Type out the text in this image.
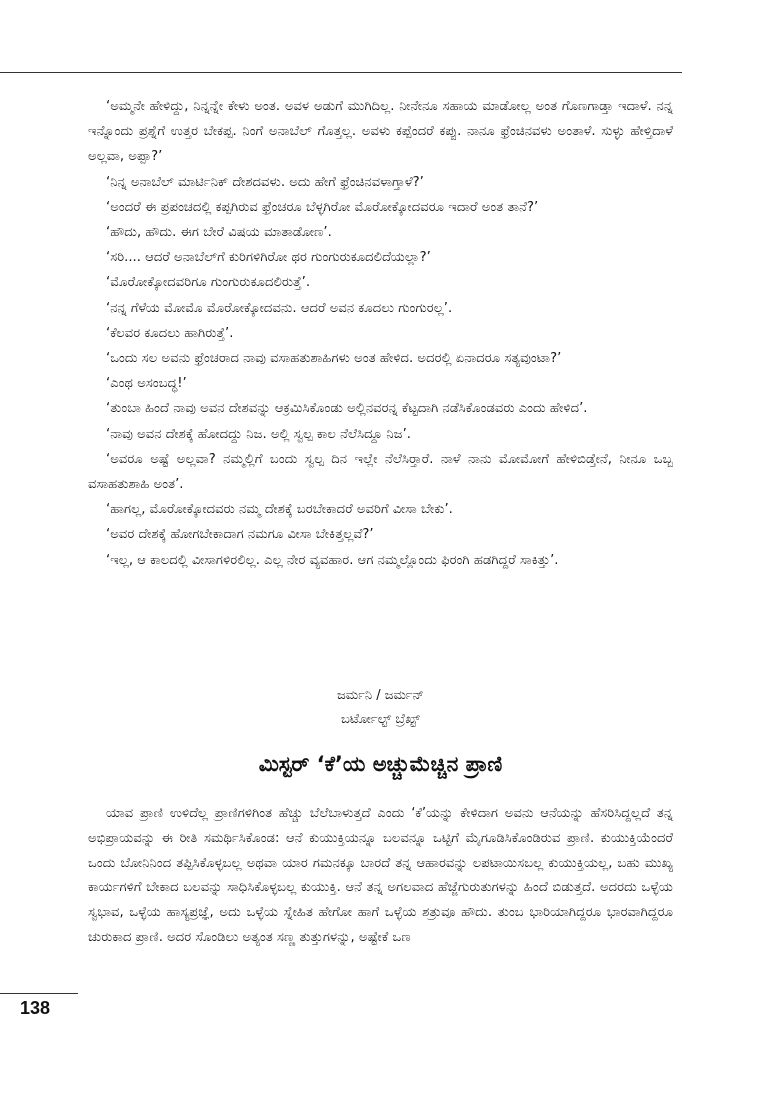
‘ಅಮ್ಮನೇ ಹೇಳಿದ್ದು, ನಿನ್ನನ್ನೇ ಕೇಳು ಅಂತ. ಅವಳ ಅಡುಗೆ ಮುಗಿದಿಲ್ಲ. ನೀನೇನೂ ಸಹಾಯ ಮಾಡೋಲ್ಲ ಅಂತ ಗೊಣಗಾಡ್ತಾ ಇದಾಳೆ. ನನ್ನ ಇನ್ನೊಂದು ಪ್ರಶ್ನೆಗೆ ಉತ್ತರ ಬೇಕಪ್ಪ. ನಿಂಗೆ ಅನಾಬೆಲ್ ಗೊತ್ತಲ್ಲ. ಅವಳು ಕಪ್ಪೆಂದರೆ ಕಪ್ಪು. ನಾನೂ ಫ್ರೆಂಚಿನವಳು ಅಂತಾಳೆ. ಸುಳ್ಳು ಹೇಳ್ತಿದಾಳೆ ಅಲ್ಲವಾ, ಅಪ್ಪಾ?’

‘ನಿನ್ನ ಅನಾಬೆಲ್ ಮಾರ್ಟಿನಿಕ್ ದೇಶದವಳು. ಅದು ಹೇಗೆ ಫ್ರೆಂಚಿನವಳಾಗ್ತಾಳೆ?’

‘ಅಂದರೆ ಈ ಪ್ರಪಂಚದಲ್ಲಿ ಕಪ್ಪಗಿರುವ ಫ್ರೆಂಚರೂ ಬೆಳ್ಳಗಿರೋ ಮೊರೋಕ್ಕೋದವರೂ ಇದಾರೆ ಅಂತ ತಾನೆ?’

‘ಹೌದು, ಹೌದು. ಈಗ ಬೇರೆ ವಿಷಯ ಮಾತಾಡೋಣ’.

‘ಸರಿ.... ಆದರೆ ಅನಾಬೆಲ್‌ಗೆ ಕುರಿಗಳಿಗಿರೋ ಥರ ಗುಂಗುರುಕೂದಲಿದೆಯಲ್ಲಾ?’

‘ಮೊರೋಕ್ಕೋದವರಿಗೂ ಗುಂಗುರುಕೂದಲಿರುತ್ತೆ’.

‘ನನ್ನ ಗೆಳೆಯ ಮೋಮೊ ಮೊರೋಕ್ಕೋದವನು. ಆದರೆ ಅವನ ಕೂದಲು ಗುಂಗುರಲ್ಲ’.

‘ಕೆಲವರ ಕೂದಲು ಹಾಗಿರುತ್ತೆ’.

‘ಒಂದು ಸಲ ಅವನು ಫ್ರೆಂಚರಾದ ನಾವು ವಸಾಹತುಶಾಹಿಗಳು ಅಂತ ಹೇಳಿದ. ಅದರಲ್ಲಿ ಏನಾದರೂ ಸತ್ಯವುಂಟಾ?’

‘ಎಂಥ ಅಸಂಬದ್ಧ!’

‘ತುಂಬಾ ಹಿಂದೆ ನಾವು ಅವನ ದೇಶವನ್ನು ಆಕ್ರಮಿಸಿಕೊಂಡು ಅಲ್ಲಿನವರನ್ನ ಕೆಟ್ಟದಾಗಿ ನಡೆಸಿಕೊಂಡವರು ಎಂದು ಹೇಳಿದ’.

‘ನಾವು ಅವನ ದೇಶಕ್ಕೆ ಹೋದದ್ದು ನಿಜ. ಅಲ್ಲಿ ಸ್ವಲ್ಪ ಕಾಲ ನೆಲೆಸಿದ್ದೂ ನಿಜ’.

‘ಅವರೂ ಅಷ್ಟೆ ಅಲ್ಲವಾ? ನಮ್ಮಲ್ಲಿಗೆ ಬಂದು ಸ್ವಲ್ಪ ದಿನ ಇಲ್ಲೇ ನೆಲೆಸಿರ್‍ತಾರೆ. ನಾಳೆ ನಾನು ಮೋಮೋಗೆ ಹೇಳಿಬಿಡ್ತೇನೆ, ನೀನೂ ಒಬ್ಬ ವಸಾಹತುಶಾಹಿ ಅಂತ’.

‘ಹಾಗಲ್ಲ, ಮೊರೋಕ್ಕೋದವರು ನಮ್ಮ ದೇಶಕ್ಕೆ ಬರಬೇಕಾದರೆ ಅವರಿಗೆ ವೀಸಾ ಬೇಕು’.

‘ಅವರ ದೇಶಕ್ಕೆ ಹೋಗಬೇಕಾದಾಗ ನಮಗೂ ವೀಸಾ ಬೇಕಿತ್ತಲ್ಲವೆ?’

‘ಇಲ್ಲ, ಆ ಕಾಲದಲ್ಲಿ ವೀಸಾಗಳಿರಲಿಲ್ಲ. ಎಲ್ಲ ನೇರ ವ್ಯವಹಾರ. ಆಗ ನಮ್ಮಲ್ಲೊಂದು ಫಿರಂಗಿ ಹಡಗಿದ್ದರೆ ಸಾಕಿತ್ತು’.

ಜರ್ಮನಿ / ಜರ್ಮನ್
ಬರ್ಟೋಲ್ಟ್ ಬ್ರೆಖ್ಟ್
ಮಿಸ್ಟರ್ ‘ಕೆ’ಯ ಅಚ್ಚುಮೆಚ್ಚಿನ ಪ್ರಾಣಿ

ಯಾವ ಪ್ರಾಣಿ ಉಳಿದೆಲ್ಲ ಪ್ರಾಣಿಗಳಿಗಿಂತ ಹೆಚ್ಚು ಬೆಲೆಬಾಳುತ್ತದೆ ಎಂದು ‘ಕೆ’ಯನ್ನು ಕೇಳಿದಾಗ ಅವನು ಆನೆಯನ್ನು ಹೆಸರಿಸಿದ್ದಲ್ಲದೆ ತನ್ನ ಅಭಿಪ್ರಾಯವನ್ನು ಈ ರೀತಿ ಸಮರ್ಥಿಸಿಕೊಂಡ: ಆನೆ ಕುಯುಕ್ತಿಯನ್ನೂ ಬಲವನ್ನೂ ಒಟ್ಟಿಗೆ ಮೈಗೂಡಿಸಿಕೊಂಡಿರುವ ಪ್ರಾಣಿ. ಕುಯುಕ್ತಿಯೆಂದರೆ ಒಂದು ಬೋನಿನಿಂದ ತಪ್ಪಿಸಿಕೊಳ್ಳಬಲ್ಲ ಅಥವಾ ಯಾರ ಗಮನಕ್ಕೂ ಬಾರದೆ ತನ್ನ ಆಹಾರವನ್ನು ಲಪಟಾಯಿಸಬಲ್ಲ ಕುಯುಕ್ತಿಯಲ್ಲ, ಬಹು ಮುಖ್ಯ ಕಾರ್ಯಗಳಿಗೆ ಬೇಕಾದ ಬಲವನ್ನು ಸಾಧಿಸಿಕೊಳ್ಳಬಲ್ಲ ಕುಯುಕ್ತಿ. ಆನೆ ತನ್ನ ಅಗಲವಾದ ಹೆಜ್ಜೆಗುರುತುಗಳನ್ನು ಹಿಂದೆ ಬಿಡುತ್ತದೆ. ಅದರದು ಒಳ್ಳೆಯ ಸ್ವಭಾವ, ಒಳ್ಳೆಯ ಹಾಸ್ಯಪ್ರಜ್ಞೆ, ಅದು ಒಳ್ಳೆಯ ಸ್ನೇಹಿತ ಹೇಗೋ ಹಾಗೆ ಒಳ್ಳೆಯ ಶತ್ರುವೂ ಹೌದು. ತುಂಬ ಭಾರಿಯಾಗಿದ್ದರೂ ಭಾರವಾಗಿದ್ದರೂ ಚುರುಕಾದ ಪ್ರಾಣಿ. ಅದರ ಸೊಂಡಿಲು ಅತ್ಯಂತ ಸಣ್ಣ ತುತ್ತುಗಳನ್ನು, ಅಷ್ಟೇಕೆ ಒಣ

138
